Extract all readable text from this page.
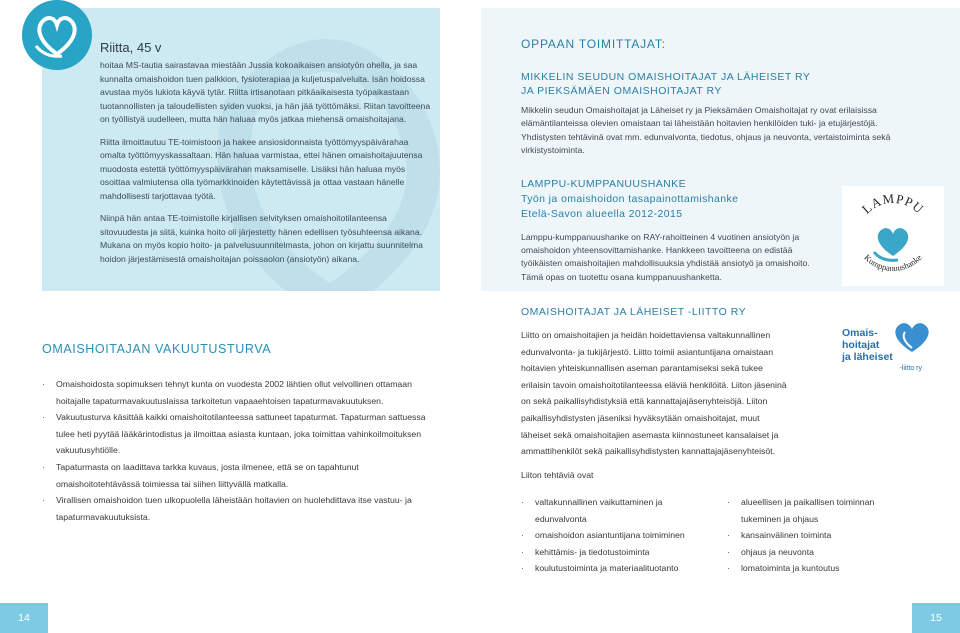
Riitta, 45 v

hoitaa MS-tautia sairastavaa miestään Jussia kokoaikaisen ansiotyön ohella, ja saa kunnalta omaishoidon tuen palkkion, fysioterapiaa ja kuljetuspalveluita. Isän hoidossa avustaa myös lukiota käyvä tytär. Riitta irtisanotaan pitkäaikaisesta työpaikastaan tuotannollisten ja taloudellisten syiden vuoksi, ja hän jää työttömäksi. Riitan tavoitteena on työllistyä uudelleen, mutta hän haluaa myös jatkaa miehensä omaishoitajana.

Riitta ilmoittautuu TE-toimistoon ja hakee ansiosidonnaista työttömyyspäivärahaa omalta työttömyyskassaltaan. Hän haluaa varmistaa, ettei hänen omaishoitajuutensa muodosta estettä työttömyyspäivärahan maksamiselle. Lisäksi hän haluaa myös osoittaa valmiutensa olla työmarkkinoiden käytettävissä ja ottaa vastaan hänelle mahdollisesti tarjottavaa työtä.

Niinpä hän antaa TE-toimistolle kirjallisen selvityksen omaishoitotilanteensa sitovuudesta ja siitä, kuinka hoito oli järjestetty hänen edellisen työsuhteensa aikana. Mukana on myös kopio hoito- ja palvelusuunnitelmasta, johon on kirjattu suunnitelma hoidon järjestämisestä omaishoitajan poissaolon (ansiotyön) aikana.

OMAISHOITAJAN VAKUUTUSTURVA
· Omaishoidosta sopimuksen tehnyt kunta on vuodesta 2002 lähtien ollut velvollinen ottamaan hoitajalle tapaturmavakuutuslaissa tarkoitetun vapaaehtoisen tapaturmavakuutuksen.
· Vakuutusturva käsittää kaikki omaishoitotilanteessa sattuneet tapaturmat. Tapaturman sattuessa tulee heti pyytää lääkärintodistus ja ilmoittaa asiasta kuntaan, joka toimittaa vahinkoilmoituksen vakuutusyhtiölle.
· Tapaturmasta on laadittava tarkka kuvaus, josta ilmenee, että se on tapahtunut omaishoitotehtävässä toimiessa tai siihen liittyvällä matkalla.
· Virallisen omaishoidon tuen ulkopuolella läheistään hoitavien on huolehdittava itse vastuu- ja tapaturmavakuutuksista.
OPPAAN TOIMITTAJAT:
MIKKELIN SEUDUN OMAISHOITAJAT JA LÄHEISET RY JA PIEKSÄMÄEN OMAISHOITAJAT RY
Mikkelin seudun Omaishoitajat ja Läheiset ry ja Pieksämäen Omaishoitajat ry ovat erilaisissa elämäntilanteissa olevien omaistaan tai läheistään hoitavien henkilöiden tuki- ja etujärjestöjä. Yhdistysten tehtävinä ovat mm. edunvalvonta, tiedotus, ohjaus ja neuvonta, vertaistoiminta sekä virkistystoiminta.
LAMPPU-KUMPPANUUSHANKE
Työn ja omaishoidon tasapainottamishanke
Etelä-Savon alueella 2012-2015
Lamppu-kumppanuushanke on RAY-rahoitteinen 4 vuotinen ansiotyön ja omaishoidon yhteensovittamishanke. Hankkeen tavoitteena on edistää työikäisten omaishoitajien mahdollisuuksia yhdistää ansiotyö ja omaishoito. Tämä opas on tuotettu osana kumppanuushanketta.
LAMPPU
Kumppanuushanke
OMAISHOITAJAT JA LÄHEISET -LIITTO RY
Liitto on omaishoitajien ja heidän hoidettaviensa valtakunnallinen edunvalvonta- ja tukijärjestö. Liitto toimii asiantuntijana omaistaan hoitavien yhteiskunnallisen aseman parantamiseksi sekä tukee erilaisin tavoin omaishoitotilanteessa eläviä henkilöitä. Liiton jäseninä on sekä paikallisyhdistyksiä että kannattajajäsenyhteisöjä. Liiton paikallisyhdistysten jäseniksi hyväksytään omaishoitajat, muut läheiset sekä omaishoitajien asemasta kiinnostuneet kansalaiset ja ammattihenkilöt sekä paikallisyhdistysten kannattajajäsenyhteisöt.
Omais-
hoitajat
ja läheiset
-liitto ry
Liiton tehtäviä ovat
· valtakunnallinen vaikuttaminen ja edunvalvonta
· omaishoidon asiantuntijana toimiminen
· kehittämis- ja tiedotustoiminta
· koulutustoiminta ja materiaalituotanto
· alueellisen ja paikallisen toiminnan tukeminen ja ohjaus
· kansainvälinen toiminta
· ohjaus ja neuvonta
· lomatoiminta ja kuntoutus
14	15
